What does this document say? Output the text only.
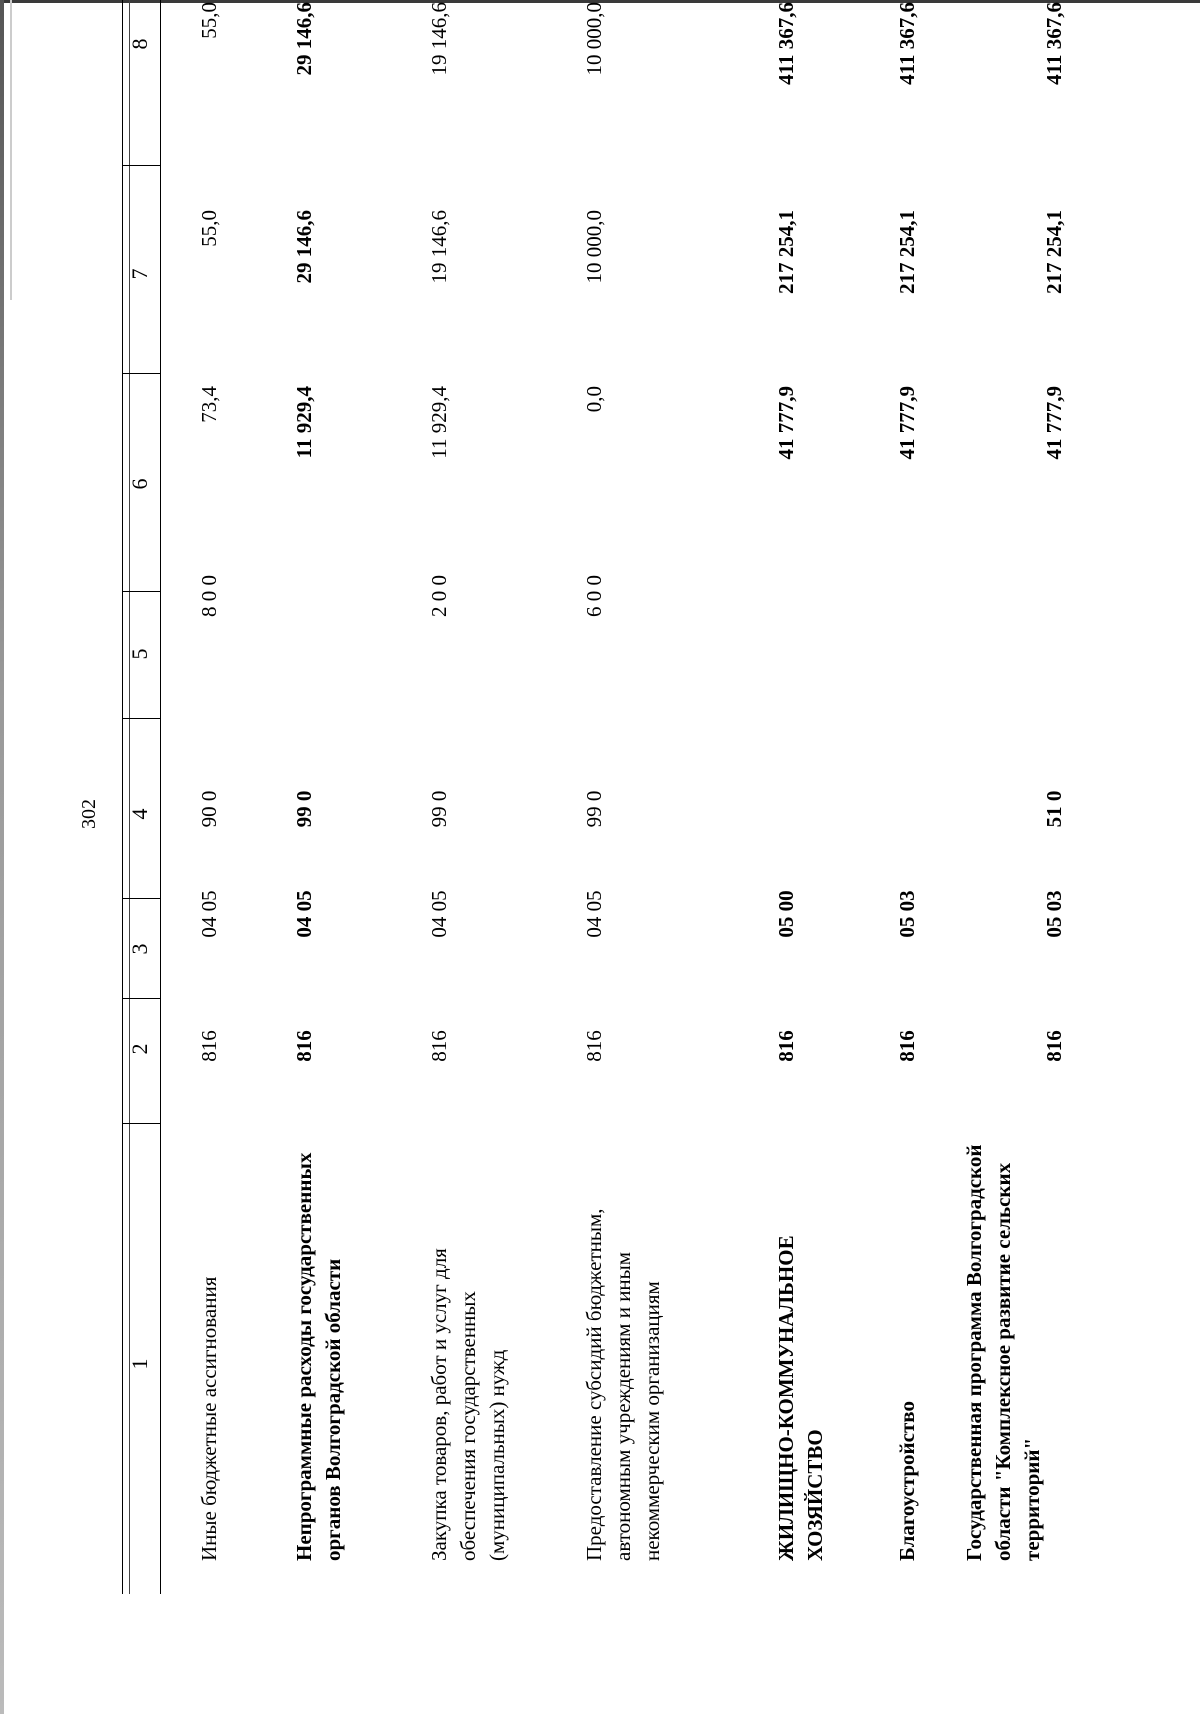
302
1
2
3
4
5
6
7
8
Иные бюджетные ассигнования
816
04 05
90 0
8 0 0
73,4
55,0
55,0
Непрограммные расходы государственных органов Волгоградской области
816
04 05
99 0
11 929,4
29 146,6
29 146,6
Закупка товаров, работ и услуг для обеспечения государственных (муниципальных) нужд
816
04 05
99 0
2 0 0
11 929,4
19 146,6
19 146,6
Предоставление субсидий бюджетным, автономным учреждениям и иным некоммерческим организациям
816
04 05
99 0
6 0 0
0,0
10 000,0
10 000,0
ЖИЛИЩНО-КОММУНАЛЬНОЕ ХОЗЯЙСТВО
816
05 00
41 777,9
217 254,1
411 367,6
Благоустройство
816
05 03
41 777,9
217 254,1
411 367,6
Государственная программа Волгоградской области "Комплексное развитие сельских территорий"
816
05 03
51 0
41 777,9
217 254,1
411 367,6
